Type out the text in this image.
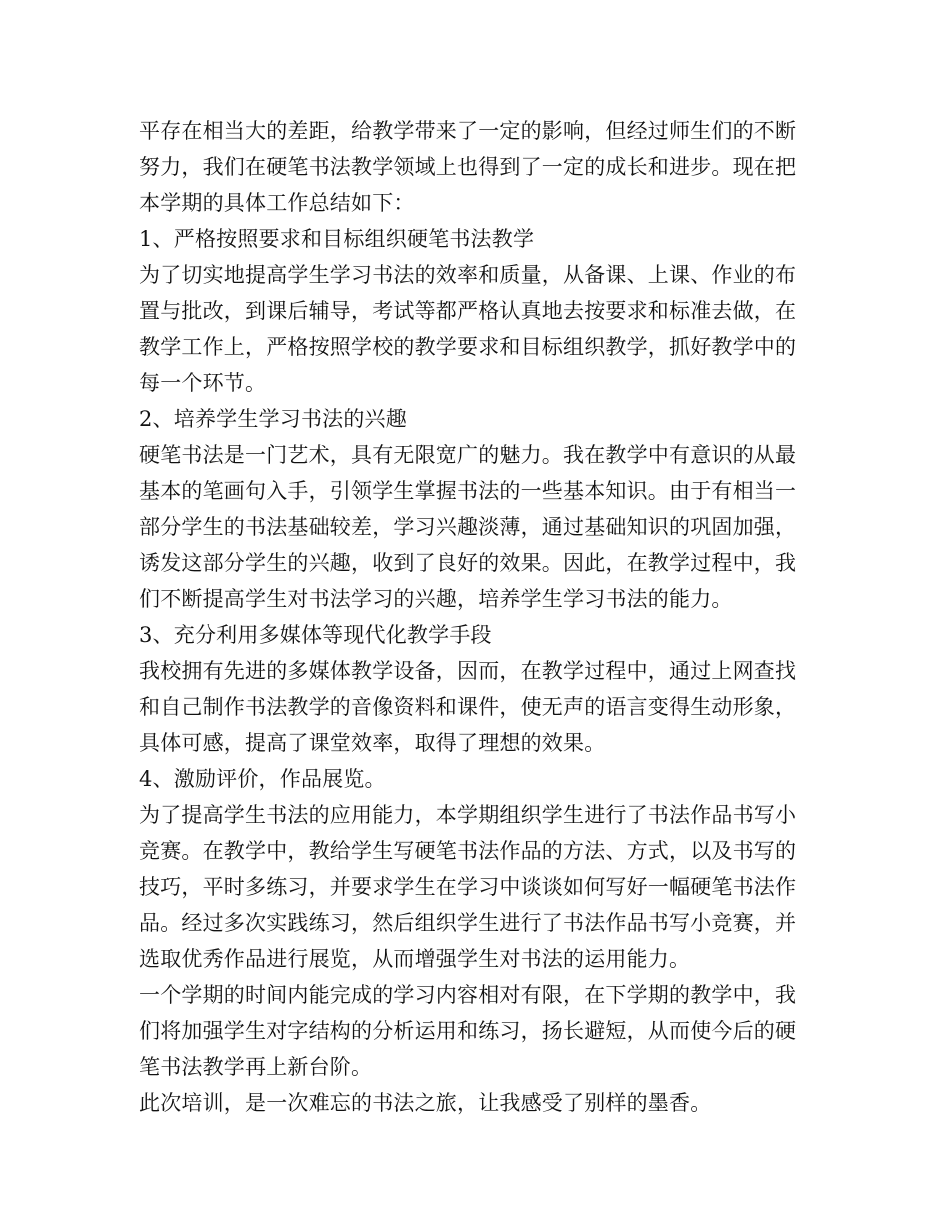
平存在相当大的差距，给教学带来了一定的影响，但经过师生们的不断
努力，我们在硬笔书法教学领域上也得到了一定的成长和进步。现在把
本学期的具体工作总结如下：
1、严格按照要求和目标组织硬笔书法教学
为了切实地提高学生学习书法的效率和质量，从备课、上课、作业的布
置与批改，到课后辅导，考试等都严格认真地去按要求和标准去做，在
教学工作上，严格按照学校的教学要求和目标组织教学，抓好教学中的
每一个环节。
2、培养学生学习书法的兴趣
硬笔书法是一门艺术，具有无限宽广的魅力。我在教学中有意识的从最
基本的笔画句入手，引领学生掌握书法的一些基本知识。由于有相当一
部分学生的书法基础较差，学习兴趣淡薄，通过基础知识的巩固加强，
诱发这部分学生的兴趣，收到了良好的效果。因此，在教学过程中，我
们不断提高学生对书法学习的兴趣，培养学生学习书法的能力。
3、充分利用多媒体等现代化教学手段
我校拥有先进的多媒体教学设备，因而，在教学过程中，通过上网查找
和自己制作书法教学的音像资料和课件，使无声的语言变得生动形象，
具体可感，提高了课堂效率，取得了理想的效果。
4、激励评价，作品展览。
为了提高学生书法的应用能力，本学期组织学生进行了书法作品书写小
竞赛。在教学中，教给学生写硬笔书法作品的方法、方式，以及书写的
技巧，平时多练习，并要求学生在学习中谈谈如何写好一幅硬笔书法作
品。经过多次实践练习，然后组织学生进行了书法作品书写小竞赛，并
选取优秀作品进行展览，从而增强学生对书法的运用能力。
一个学期的时间内能完成的学习内容相对有限，在下学期的教学中，我
们将加强学生对字结构的分析运用和练习，扬长避短，从而使今后的硬
笔书法教学再上新台阶。
此次培训，是一次难忘的书法之旅，让我感受了别样的墨香。
